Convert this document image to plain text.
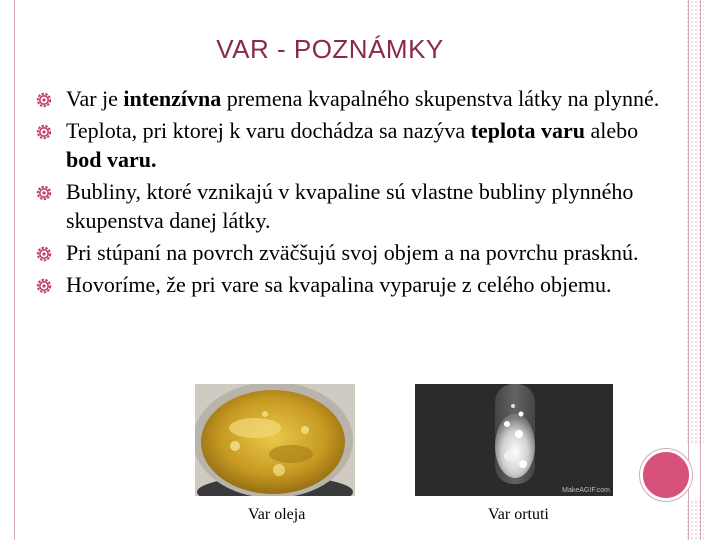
VAR - POZNÁMKY
Var je intenzívna premena kvapalného skupenstva látky na plynné.
Teplota, pri ktorej k varu dochádza sa nazýva teplota varu alebo bod varu.
Bubliny, ktoré vznikajú v kvapaline sú vlastne bubliny plynného skupenstva danej látky.
Pri stúpaní na povrch zväčšujú svoj objem a na povrchu prasknú.
Hovoríme, že pri vare sa kvapalina vyparuje z celého objemu.
MakeAGIF.com
Var oleja	Var ortuti
